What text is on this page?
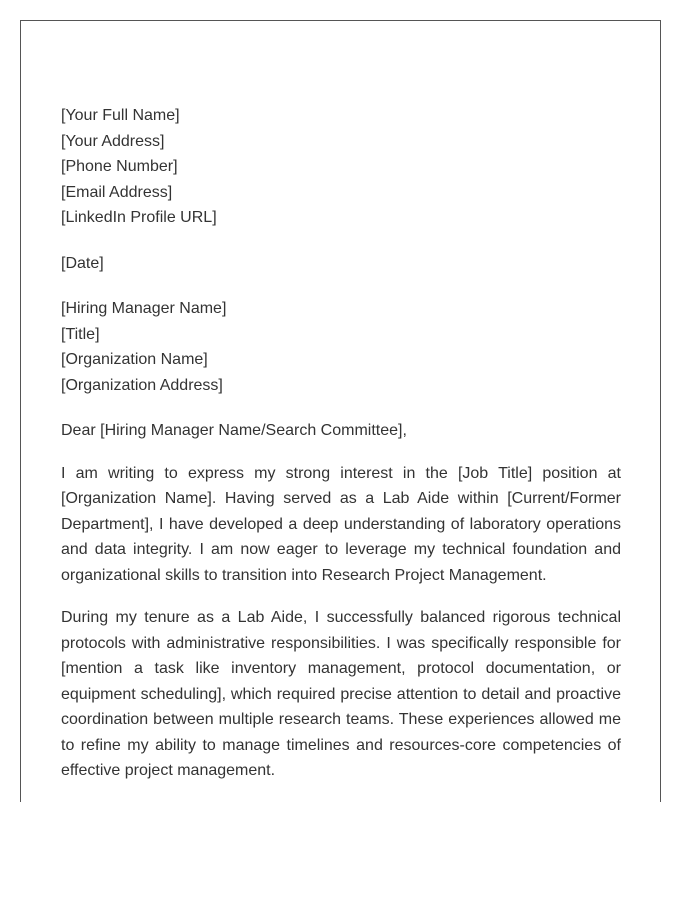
[Your Full Name]
[Your Address]
[Phone Number]
[Email Address]
[LinkedIn Profile URL]
[Date]
[Hiring Manager Name]
[Title]
[Organization Name]
[Organization Address]

Dear [Hiring Manager Name/Search Committee],

I am writing to express my strong interest in the [Job Title] position at [Organization Name]. Having served as a Lab Aide within [Current/Former Department], I have developed a deep understanding of laboratory operations and data integrity. I am now eager to leverage my technical foundation and organizational skills to transition into Research Project Management.

During my tenure as a Lab Aide, I successfully balanced rigorous technical protocols with administrative responsibilities. I was specifically responsible for [mention a task like inventory management, protocol documentation, or equipment scheduling], which required precise attention to detail and proactive coordination between multiple research teams. These experiences allowed me to refine my ability to manage timelines and resources-core competencies of effective project management.
